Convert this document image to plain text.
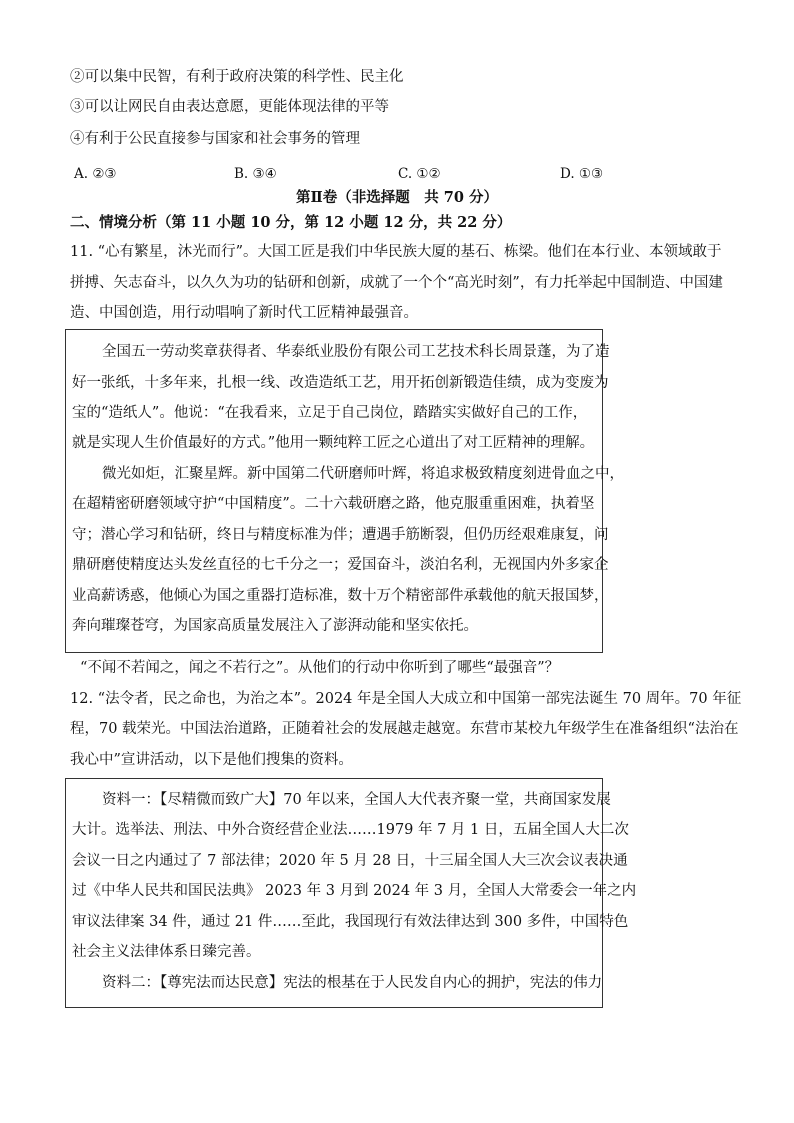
②可以集中民智，有利于政府决策的科学性、民主化
③可以让网民自由表达意愿，更能体现法律的平等
④有利于公民直接参与国家和社会事务的管理
A. ②③	B. ③④	C. ①②	D. ①③
第Ⅱ卷（非选择题　共 70 分）
二、情境分析（第 11 小题 10 分，第 12 小题 12 分，共 22 分）
11. “心有繁星，沐光而行”。大国工匠是我们中华民族大厦的基石、栋梁。他们在本行业、本领域敢于
拼搏、矢志奋斗，以久久为功的钻研和创新，成就了一个个“高光时刻”，有力托举起中国制造、中国建
造、中国创造，用行动唱响了新时代工匠精神最强音。
全国五一劳动奖章获得者、华泰纸业股份有限公司工艺技术科长周景蓬，为了造
好一张纸，十多年来，扎根一线、改造造纸工艺，用开拓创新锻造佳绩，成为变废为
宝的“造纸人”。他说：“在我看来，立足于自己岗位，踏踏实实做好自己的工作，
就是实现人生价值最好的方式。”他用一颗纯粹工匠之心道出了对工匠精神的理解。
微光如炬，汇聚星辉。新中国第二代研磨师叶辉，将追求极致精度刻进骨血之中，
在超精密研磨领域守护“中国精度”。二十六载研磨之路，他克服重重困难，执着坚
守；潜心学习和钻研，终日与精度标准为伴；遭遇手筋断裂，但仍历经艰难康复，问
鼎研磨使精度达头发丝直径的七千分之一；爱国奋斗，淡泊名利，无视国内外多家企
业高薪诱惑，他倾心为国之重器打造标准，数十万个精密部件承载他的航天报国梦，
奔向璀璨苍穹，为国家高质量发展注入了澎湃动能和坚实依托。
“不闻不若闻之，闻之不若行之”。从他们的行动中你听到了哪些“最强音”？
12. “法令者，民之命也，为治之本”。2024 年是全国人大成立和中国第一部宪法诞生 70 周年。70 年征
程，70 载荣光。中国法治道路，正随着社会的发展越走越宽。东营市某校九年级学生在准备组织“法治在
我心中”宣讲活动，以下是他们搜集的资料。
资料一：【尽精微而致广大】70 年以来，全国人大代表齐聚一堂，共商国家发展
大计。选举法、刑法、中外合资经营企业法……1979 年 7 月 1 日，五届全国人大二次
会议一日之内通过了 7 部法律；2020 年 5 月 28 日，十三届全国人大三次会议表决通
过《中华人民共和国民法典》 2023 年 3 月到 2024 年 3 月，全国人大常委会一年之内
审议法律案 34 件，通过 21 件……至此，我国现行有效法律达到 300 多件，中国特色
社会主义法律体系日臻完善。
资料二：【尊宪法而达民意】宪法的根基在于人民发自内心的拥护，宪法的伟力
